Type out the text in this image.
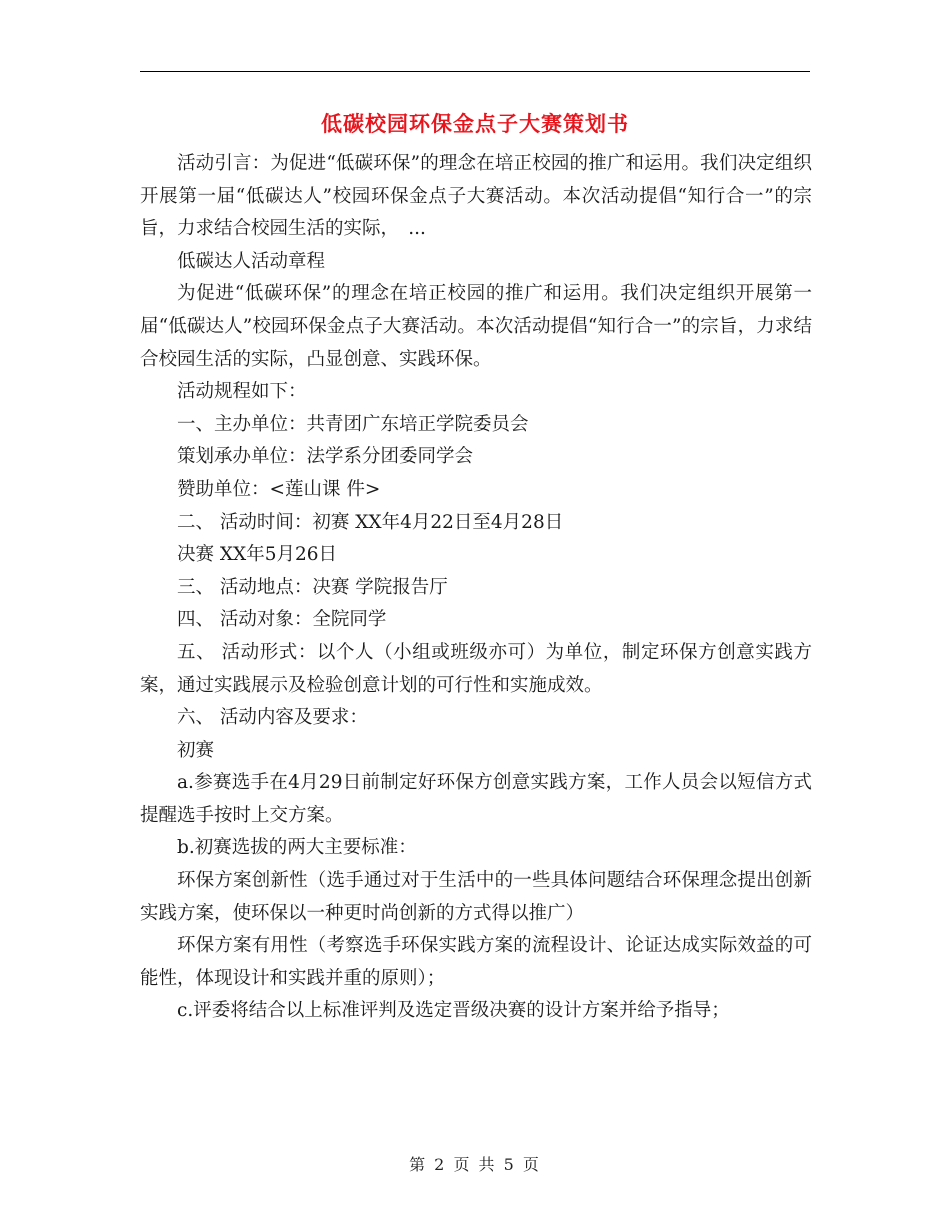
低碳校园环保金点子大赛策划书

活动引言：为促进“低碳环保”的理念在培正校园的推广和运用。我们决定组织开展第一届“低碳达人”校园环保金点子大赛活动。本次活动提倡“知行合一”的宗旨，力求结合校园生活的实际，　...

低碳达人活动章程

为促进“低碳环保”的理念在培正校园的推广和运用。我们决定组织开展第一届“低碳达人”校园环保金点子大赛活动。本次活动提倡“知行合一”的宗旨，力求结合校园生活的实际，凸显创意、实践环保。

活动规程如下：

一、主办单位：共青团广东培正学院委员会

策划承办单位：法学系分团委同学会

赞助单位：<莲山课 件>

二、 活动时间：初赛 XX年4月22日至4月28日

决赛 XX年5月26日

三、 活动地点：决赛 学院报告厅

四、 活动对象：全院同学

五、 活动形式：以个人（小组或班级亦可）为单位，制定环保方创意实践方案，通过实践展示及检验创意计划的可行性和实施成效。

六、 活动内容及要求：

初赛

a.参赛选手在4月29日前制定好环保方创意实践方案，工作人员会以短信方式提醒选手按时上交方案。

b.初赛选拔的两大主要标准：

环保方案创新性（选手通过对于生活中的一些具体问题结合环保理念提出创新实践方案，使环保以一种更时尚创新的方式得以推广）

环保方案有用性（考察选手环保实践方案的流程设计、论证达成实际效益的可能性，体现设计和实践并重的原则）；

c.评委将结合以上标准评判及选定晋级决赛的设计方案并给予指导；

第 2 页 共 5 页
